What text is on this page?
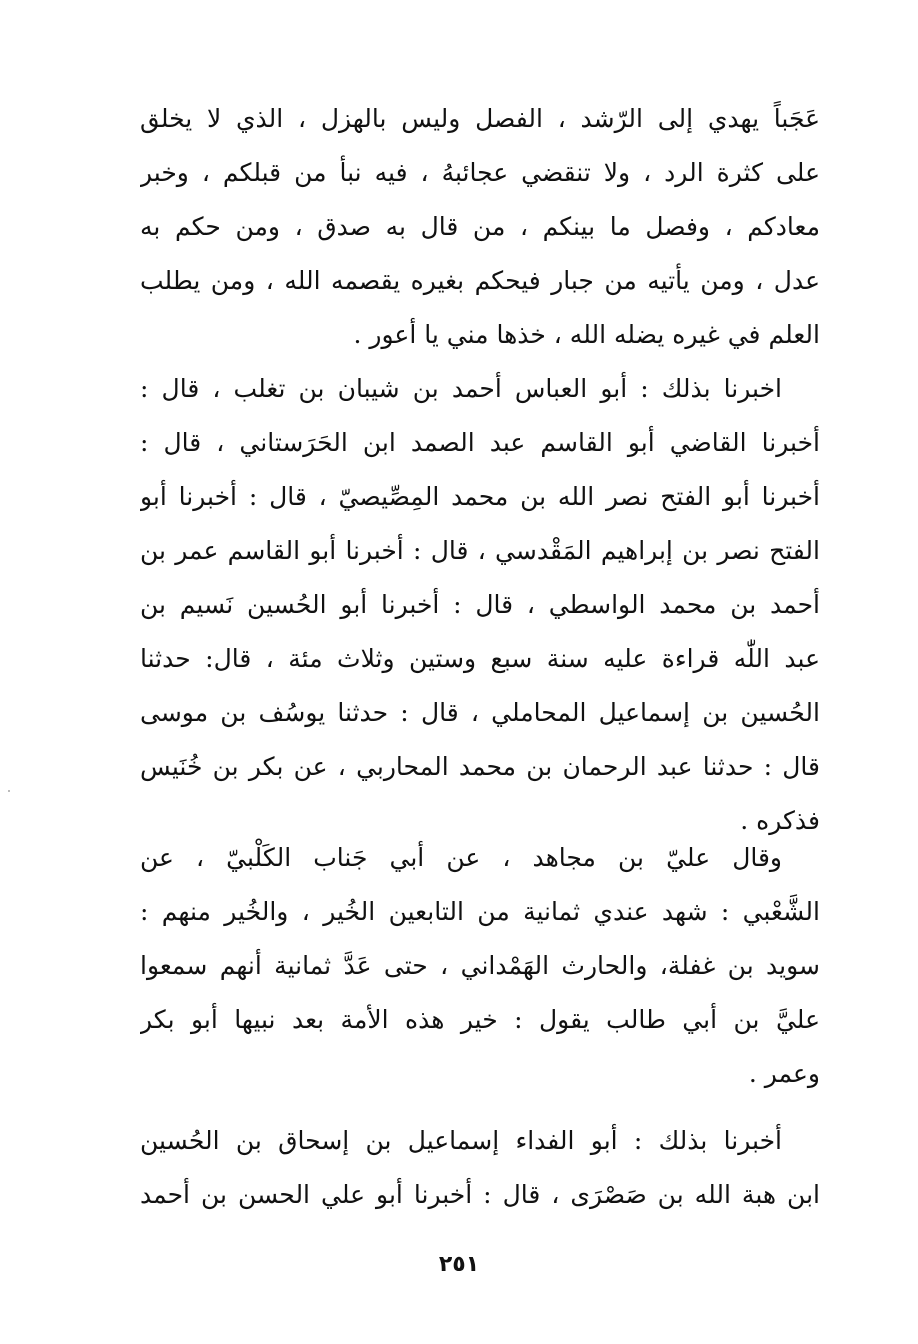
عَجَباً يهدي إلى الرّشد ، الفصل وليس بالهزل ، الذي لا يخلق
على كثرة الرد ، ولا تنقضي عجائبهُ ، فيه نبأ من قبلكم ، وخبر
معادكم ، وفصل ما بينكم ، من قال به صدق ، ومن حكم به
عدل ، ومن يأتيه من جبار فيحكم بغيره يقصمه الله ، ومن يطلب
العلم في غيره يضله الله ، خذها مني يا أعور .
اخبرنا بذلك : أبو العباس أحمد بن شيبان بن تغلب ، قال :
أخبرنا القاضي أبو القاسم عبد الصمد ابن الحَرَستاني ، قال :
أخبرنا أبو الفتح نصر الله بن محمد المِصِّيصيّ ، قال : أخبرنا أبو
الفتح نصر بن إبراهيم المَقْدسي ، قال : أخبرنا أبو القاسم عمر بن
أحمد بن محمد الواسطي ، قال : أخبرنا أبو الحُسين نَسيم بن
عبد اللّٰه قراءة عليه سنة سبع وستين وثلاث مئة ، قال: حدثنا
الحُسين بن إسماعيل المحاملي ، قال : حدثنا يوسُف بن موسى
قال : حدثنا عبد الرحمان بن محمد المحاربي ، عن بكر بن خُنَيس
فذكره .
وقال عليّ بن مجاهد ، عن أبي جَناب الكَلْبيّ ، عن
الشَّعْبي : شهد عندي ثمانية من التابعين الخُير ، والخُير منهم :
سويد بن غفلة، والحارث الهَمْداني ، حتى عَدَّ ثمانية أنهم سمعوا
عليَّ بن أبي طالب يقول : خير هذه الأمة بعد نبيها أبو بكر
وعمر .
أخبرنا بذلك : أبو الفداء إسماعيل بن إسحاق بن الحُسين
ابن هبة الله بن صَصْرَى ، قال : أخبرنا أبو علي الحسن بن أحمد
٢٥١
